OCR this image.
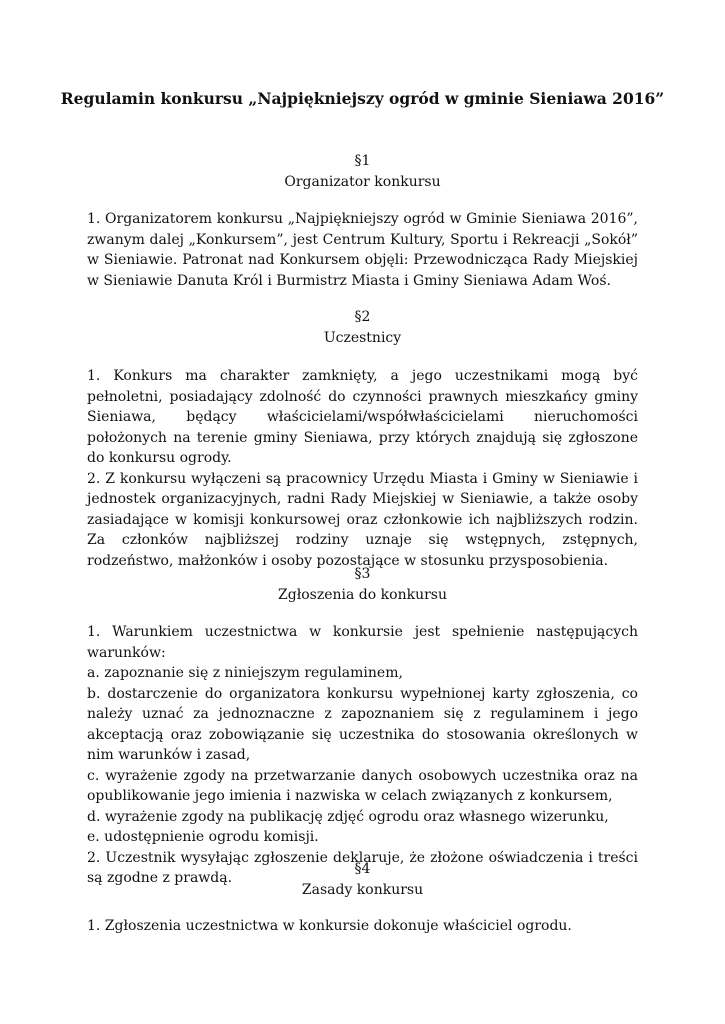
Regulamin konkursu „Najpiękniejszy ogród w gminie Sieniawa 2016”
§1
Organizator konkursu

1. Organizatorem konkursu „Najpiękniejszy ogród w Gminie Sieniawa 2016”, zwanym dalej „Konkursem”, jest Centrum Kultury, Sportu i Rekreacji „Sokół” w Sieniawie. Patronat nad Konkursem objęli: Przewodnicząca Rady Miejskiej w Sieniawie Danuta Król i Burmistrz Miasta i Gminy Sieniawa Adam Woś.

§2
Uczestnicy

1. Konkurs ma charakter zamknięty, a jego uczestnikami mogą być pełnoletni, posiadający zdolność do czynności prawnych mieszkańcy gminy Sieniawa, będący właścicielami/współwłaścicielami nieruchomości położonych na terenie gminy Sieniawa, przy których znajdują się zgłoszone do konkursu ogrody.

2. Z konkursu wyłączeni są pracownicy Urzędu Miasta i Gminy w Sieniawie i jednostek organizacyjnych, radni Rady Miejskiej w Sieniawie, a także osoby zasiadające w komisji konkursowej oraz członkowie ich najbliższych rodzin. Za członków najbliższej rodziny uznaje się wstępnych, zstępnych, rodzeństwo, małżonków i osoby pozostające w stosunku przysposobienia.

§3
Zgłoszenia do konkursu

1. Warunkiem uczestnictwa w konkursie jest spełnienie następujących warunków:

a. zapoznanie się z niniejszym regulaminem,

b. dostarczenie do organizatora konkursu wypełnionej karty zgłoszenia, co należy uznać za jednoznaczne z zapoznaniem się z regulaminem i jego akceptacją oraz zobowiązanie się uczestnika do stosowania określonych w nim warunków i zasad,

c. wyrażenie zgody na przetwarzanie danych osobowych uczestnika oraz na opublikowanie jego imienia i nazwiska w celach związanych z konkursem,

d. wyrażenie zgody na publikację zdjęć ogrodu oraz własnego wizerunku,

e. udostępnienie ogrodu komisji.

2. Uczestnik wysyłając zgłoszenie deklaruje, że złożone oświadczenia i treści są zgodne z prawdą.

§4
Zasady konkursu

1. Zgłoszenia uczestnictwa w konkursie dokonuje właściciel ogrodu.
